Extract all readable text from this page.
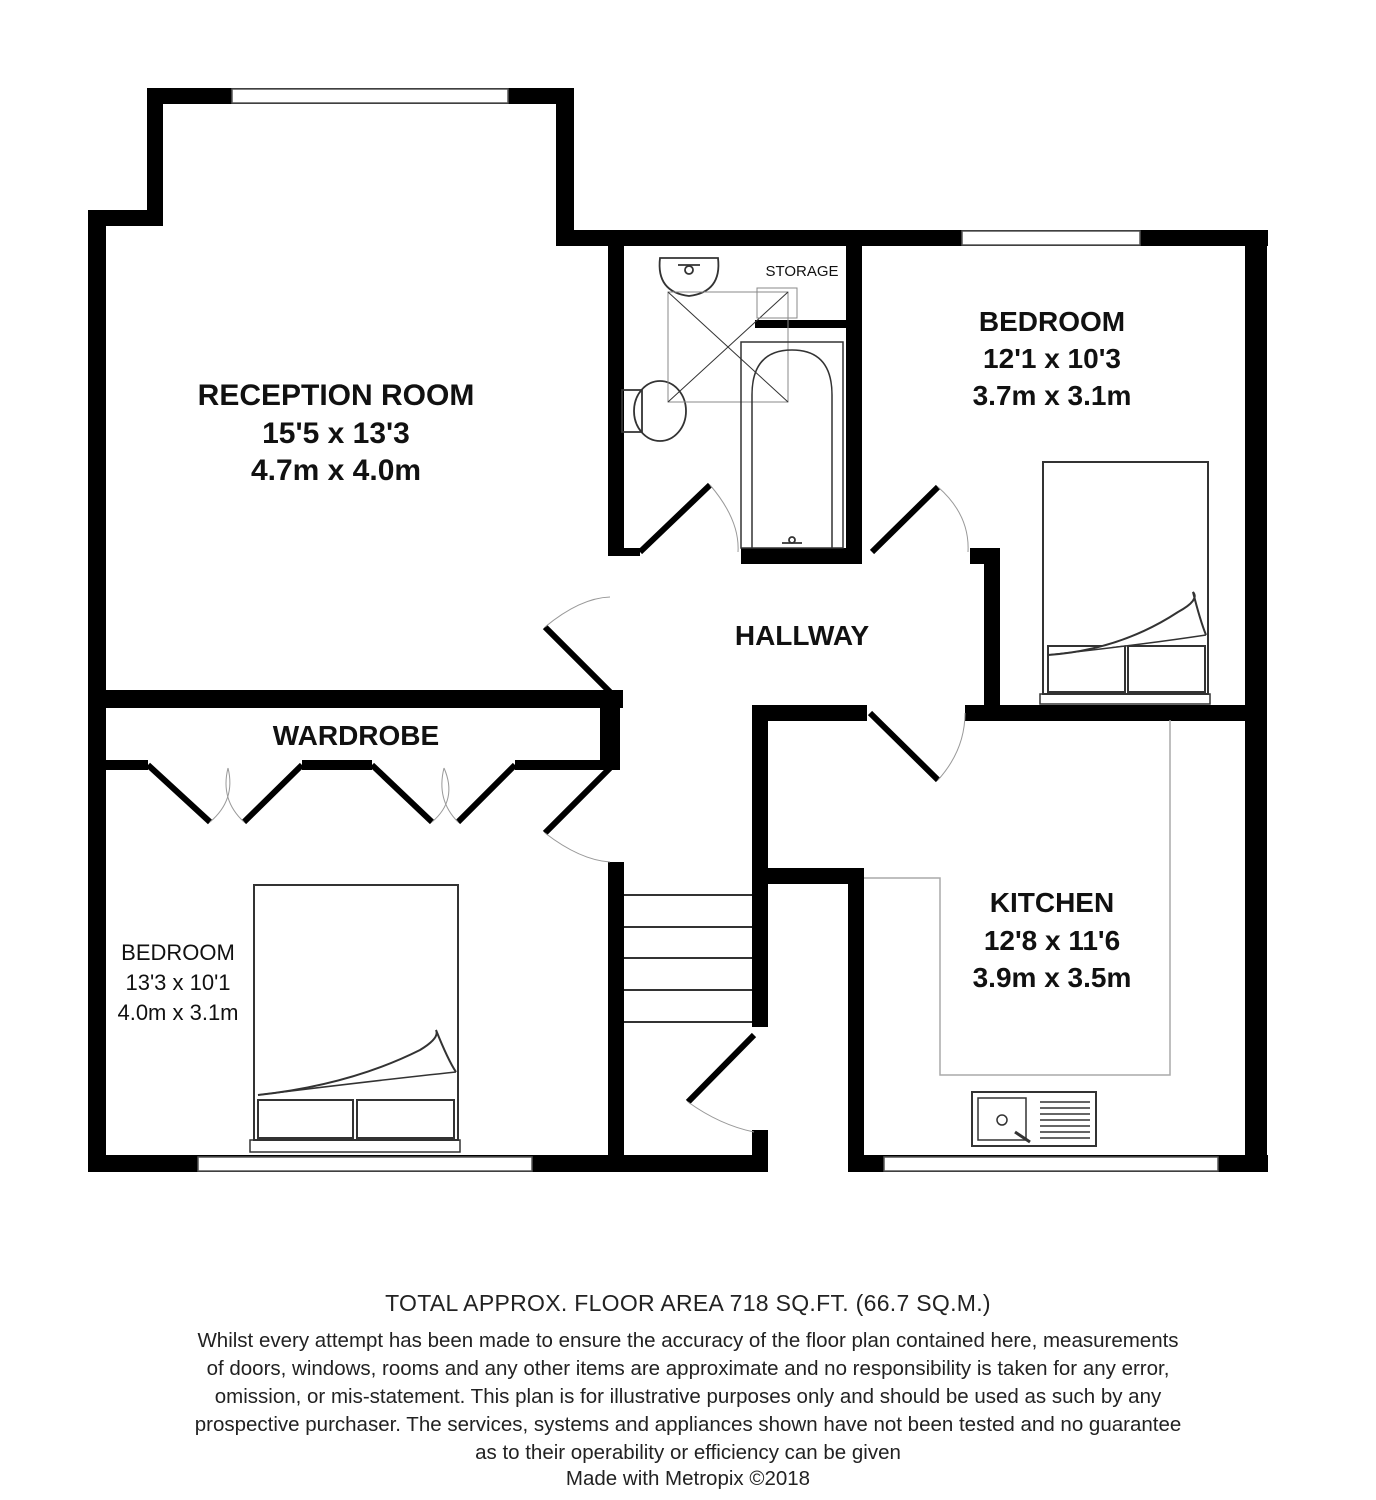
RECEPTION ROOM
15'5 x 13'3
4.7m x 4.0m
BEDROOM
12'1 x 10'3
3.7m x 3.1m
HALLWAY
WARDROBE
BEDROOM
13'3 x 10'1
4.0m x 3.1m
KITCHEN
12'8 x 11'6
3.9m x 3.5m
STORAGE
TOTAL APPROX. FLOOR AREA 718 SQ.FT. (66.7 SQ.M.)
Whilst every attempt has been made to ensure the accuracy of the floor plan contained here, measurements
of doors, windows, rooms and any other items are approximate and no responsibility is taken for any error,
omission, or mis-statement. This plan is for illustrative purposes only and should be used as such by any
prospective purchaser. The services, systems and appliances shown have not been tested and no guarantee
as to their operability or efficiency can be given
Made with Metropix ©2018
